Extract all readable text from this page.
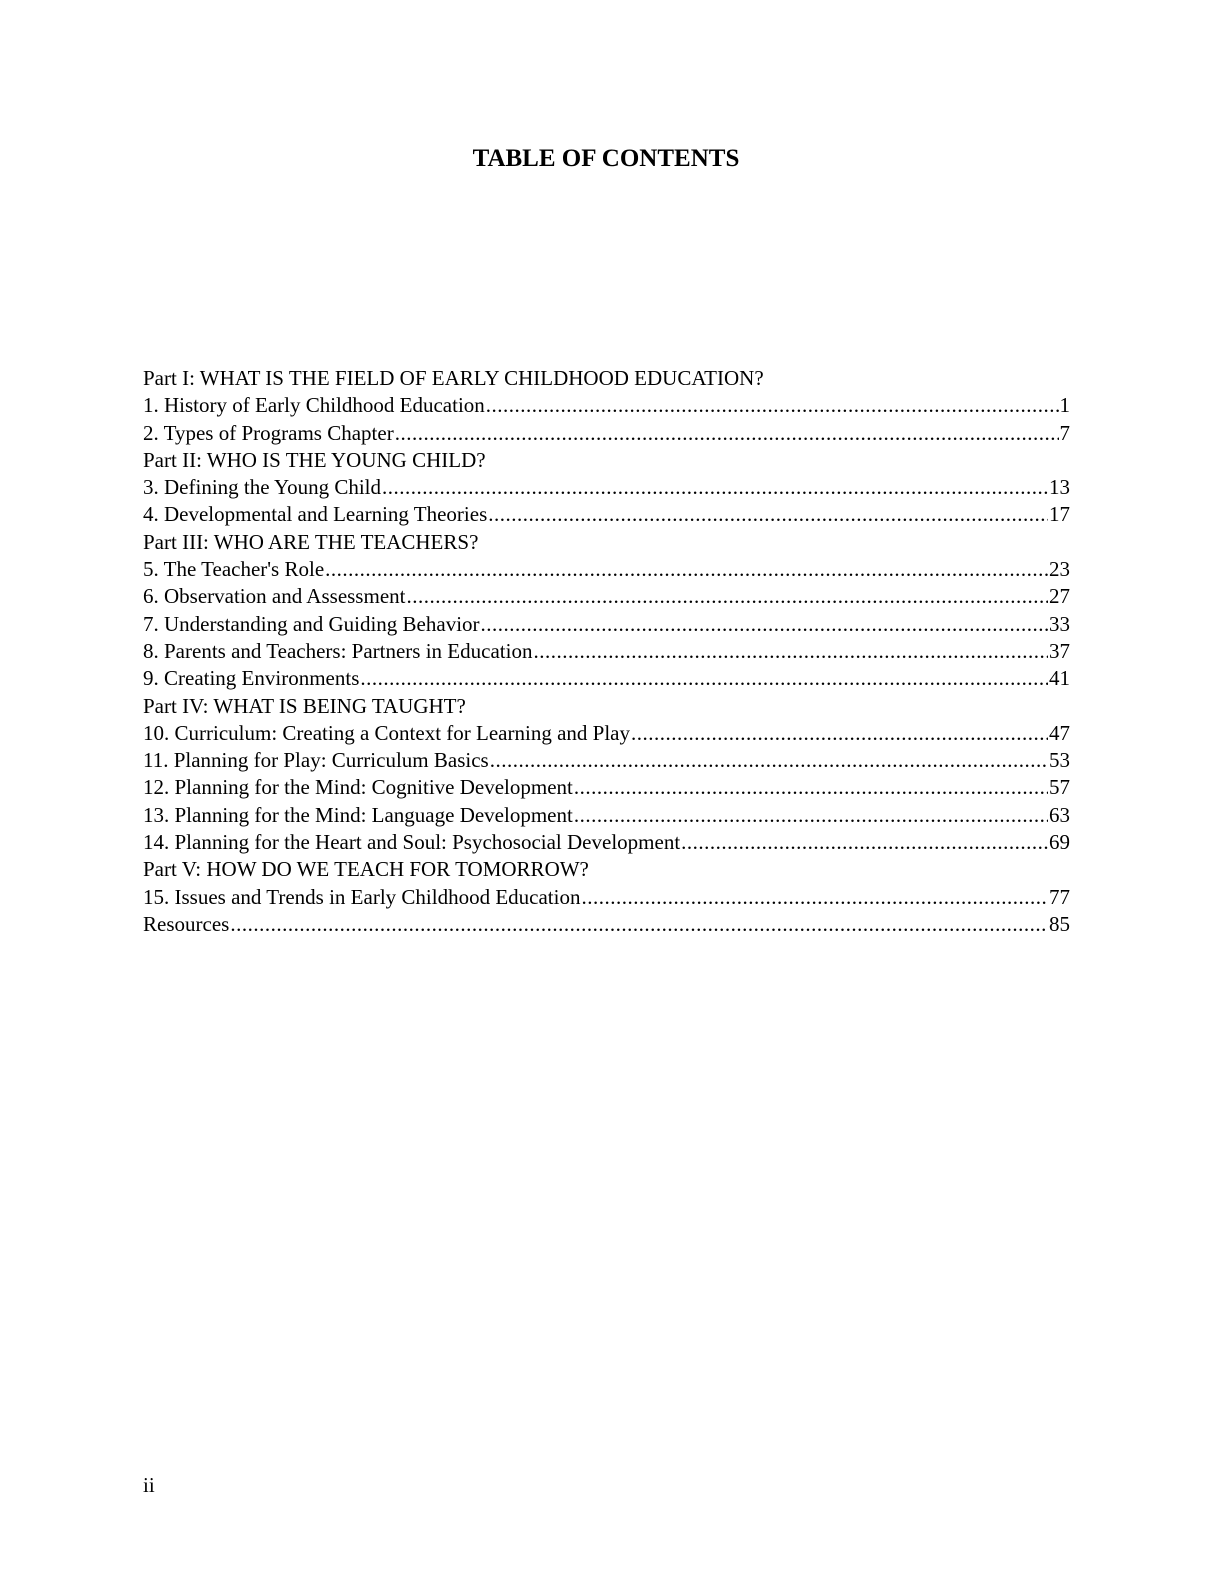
TABLE OF CONTENTS
Part I: WHAT IS THE FIELD OF EARLY CHILDHOOD EDUCATION?
1. History of Early Childhood Education .....	1
2. Types of Programs Chapter .....	7
Part II: WHO IS THE YOUNG CHILD?
3. Defining the Young Child .....	13
4. Developmental and Learning Theories .....	17
Part III: WHO ARE THE TEACHERS?
5. The Teacher's Role .....	23
6. Observation and Assessment .....	27
7. Understanding and Guiding Behavior .....	33
8. Parents and Teachers: Partners in Education .....	37
9. Creating Environments .....	41
Part IV: WHAT IS BEING TAUGHT?
10. Curriculum: Creating a Context for Learning and Play .....	47
11. Planning for Play: Curriculum Basics .....	53
12. Planning for the Mind: Cognitive Development .....	57
13. Planning for the Mind: Language Development .....	63
14. Planning for the Heart and Soul: Psychosocial Development .....	69
Part V: HOW DO WE TEACH FOR TOMORROW?
15. Issues and Trends in Early Childhood Education .....	77
Resources .....	85
ii
